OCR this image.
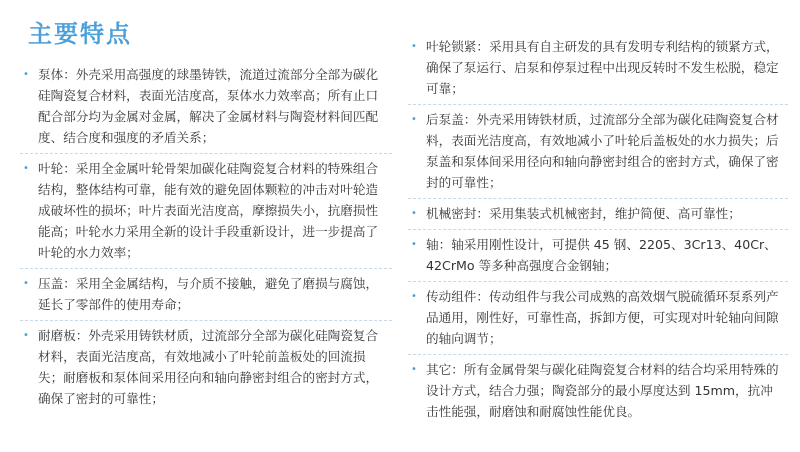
主要特点
• 泵体：外壳采用高强度的球墨铸铁，流道过流部分全部为碳化硅陶瓷复合材料，表面光洁度高，泵体水力效率高；所有止口配合部分均为金属对金属，解决了金属材料与陶瓷材料间匹配度、结合度和强度的矛盾关系；
• 叶轮：采用全金属叶轮骨架加碳化硅陶瓷复合材料的特殊组合结构，整体结构可靠，能有效的避免固体颗粒的冲击对叶轮造成破坏性的损坏；叶片表面光洁度高，摩擦损失小，抗磨损性能高；叶轮水力采用全新的设计手段重新设计，进一步提高了叶轮的水力效率；
• 压盖：采用全金属结构，与介质不接触，避免了磨损与腐蚀，延长了零部件的使用寿命；
• 耐磨板：外壳采用铸铁材质，过流部分全部为碳化硅陶瓷复合材料，表面光洁度高，有效地减小了叶轮前盖板处的回流损失；耐磨板和泵体间采用径向和轴向静密封组合的密封方式，确保了密封的可靠性；
• 叶轮锁紧：采用具有自主研发的具有发明专利结构的锁紧方式，确保了泵运行、启泵和停泵过程中出现反转时不发生松脱，稳定可靠；
• 后泵盖：外壳采用铸铁材质，过流部分全部为碳化硅陶瓷复合材料，表面光洁度高，有效地减小了叶轮后盖板处的水力损失；后泵盖和泵体间采用径向和轴向静密封组合的密封方式，确保了密封的可靠性；
• 机械密封：采用集装式机械密封，维护简便、高可靠性；
• 轴：轴采用刚性设计，可提供 45 钢、2205、3Cr13、40Cr、42CrMo 等多种高强度合金钢轴；
• 传动组件：传动组件与我公司成熟的高效烟气脱硫循环泵系列产品通用，刚性好，可靠性高，拆卸方便，可实现对叶轮轴向间隙的轴向调节；
• 其它：所有金属骨架与碳化硅陶瓷复合材料的结合均采用特殊的设计方式，结合力强；陶瓷部分的最小厚度达到 15mm，抗冲击性能强，耐磨蚀和耐腐蚀性能优良。
